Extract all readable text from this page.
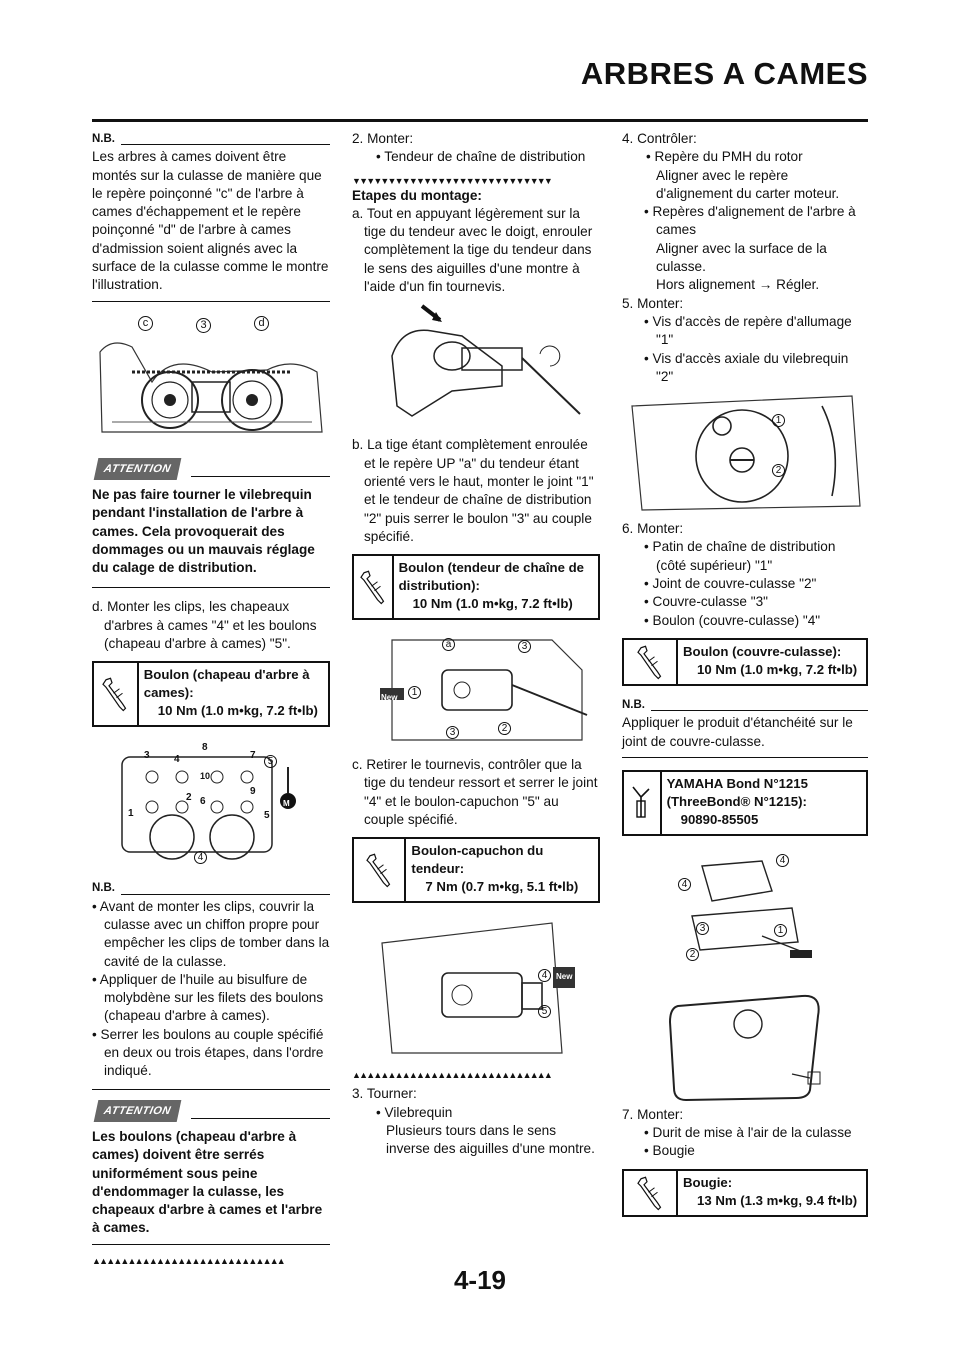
ARBRES A CAMES
N.B.

Les arbres à cames doivent être montés sur la culasse de manière que le repère poinçonné "c" de l'arbre à cames d'échappement et le repère poinçonné "d" de l'arbre à cames d'admission soient alignés avec la surface de la culasse comme le montre l'illustration.

c	3	d
ATTENTION

Ne pas faire tourner le vilebrequin pendant l'installation de l'arbre à cames. Cela provoquerait des dommages ou un mauvais réglage du calage de distribution.

d. Monter les clips, les chapeaux d'arbres à cames "4" et les boulons (chapeau d'arbre à cames) "5".

Boulon (chapeau d'arbre à cames):
10 Nm (1.0 m•kg, 7.2 ft•lb)
3 4
8
7
10
5
2 6
9
1	5
4
M
N.B.

• Avant de monter les clips, couvrir la culasse avec un chiffon propre pour empêcher les clips de tomber dans la cavité de la culasse.

• Appliquer de l'huile au bisulfure de molybdène sur les filets des boulons (chapeau d'arbre à cames).

• Serrer les boulons au couple spécifié en deux ou trois étapes, dans l'ordre indiqué.

ATTENTION

Les boulons (chapeau d'arbre à cames) doivent être serrés uniformément sous peine d'endommager la culasse, les chapeaux d'arbre à cames et l'arbre à cames.

▲▲▲▲▲▲▲▲▲▲▲▲▲▲▲▲▲▲▲▲▲▲▲▲▲▲▲

2. Monter:

• Tendeur de chaîne de distribution

▼▼▼▼▼▼▼▼▼▼▼▼▼▼▼▼▼▼▼▼▼▼▼▼▼▼▼▼

Etapes du montage:

a. Tout en appuyant légèrement sur la tige du tendeur avec le doigt, enrouler complètement la tige du tendeur dans le sens des aiguilles d'une montre à l'aide d'un fin tournevis.

b. La tige étant complètement enroulée et le repère UP "a" du tendeur étant orienté vers le haut, monter le joint "1" et le tendeur de chaîne de distribution "2" puis serrer le boulon "3" au couple spécifié.

Boulon (tendeur de chaîne de distribution):
10 Nm (1.0 m•kg, 7.2 ft•lb)
a	3
New	1
3	2

c. Retirer le tournevis, contrôler que la tige du tendeur ressort et serrer le joint "4" et le boulon-capuchon "5" au couple spécifié.

Boulon-capuchon du tendeur:
7 Nm (0.7 m•kg, 5.1 ft•lb)
4	New
5
▲▲▲▲▲▲▲▲▲▲▲▲▲▲▲▲▲▲▲▲▲▲▲▲▲▲▲▲

3. Tourner:

• Vilebrequin

Plusieurs tours dans le sens inverse des aiguilles d'une montre.

4. Contrôler:

• Repère du PMH du rotor

Aligner avec le repère d'alignement du carter moteur.

• Repères d'alignement de l'arbre à cames

Aligner avec la surface de la culasse.

Hors alignement → Régler.

5. Monter:

• Vis d'accès de repère d'allumage "1"

• Vis d'accès axiale du vilebrequin "2"

1
2

6. Monter:

• Patin de chaîne de distribution (côté supérieur) "1"

• Joint de couvre-culasse "2"

• Couvre-culasse "3"

• Boulon (couvre-culasse) "4"

Boulon (couvre-culasse):
10 Nm (1.0 m•kg, 7.2 ft•lb)
N.B.

Appliquer le produit d'étanchéité sur le joint de couvre-culasse.

YAMAHA Bond N°1215 (ThreeBond® N°1215):
90890-85505
4
4
3	1
2

7. Monter:

• Durit de mise à l'air de la culasse

• Bougie

Bougie:
13 Nm (1.3 m•kg, 9.4 ft•lb)
4-19
